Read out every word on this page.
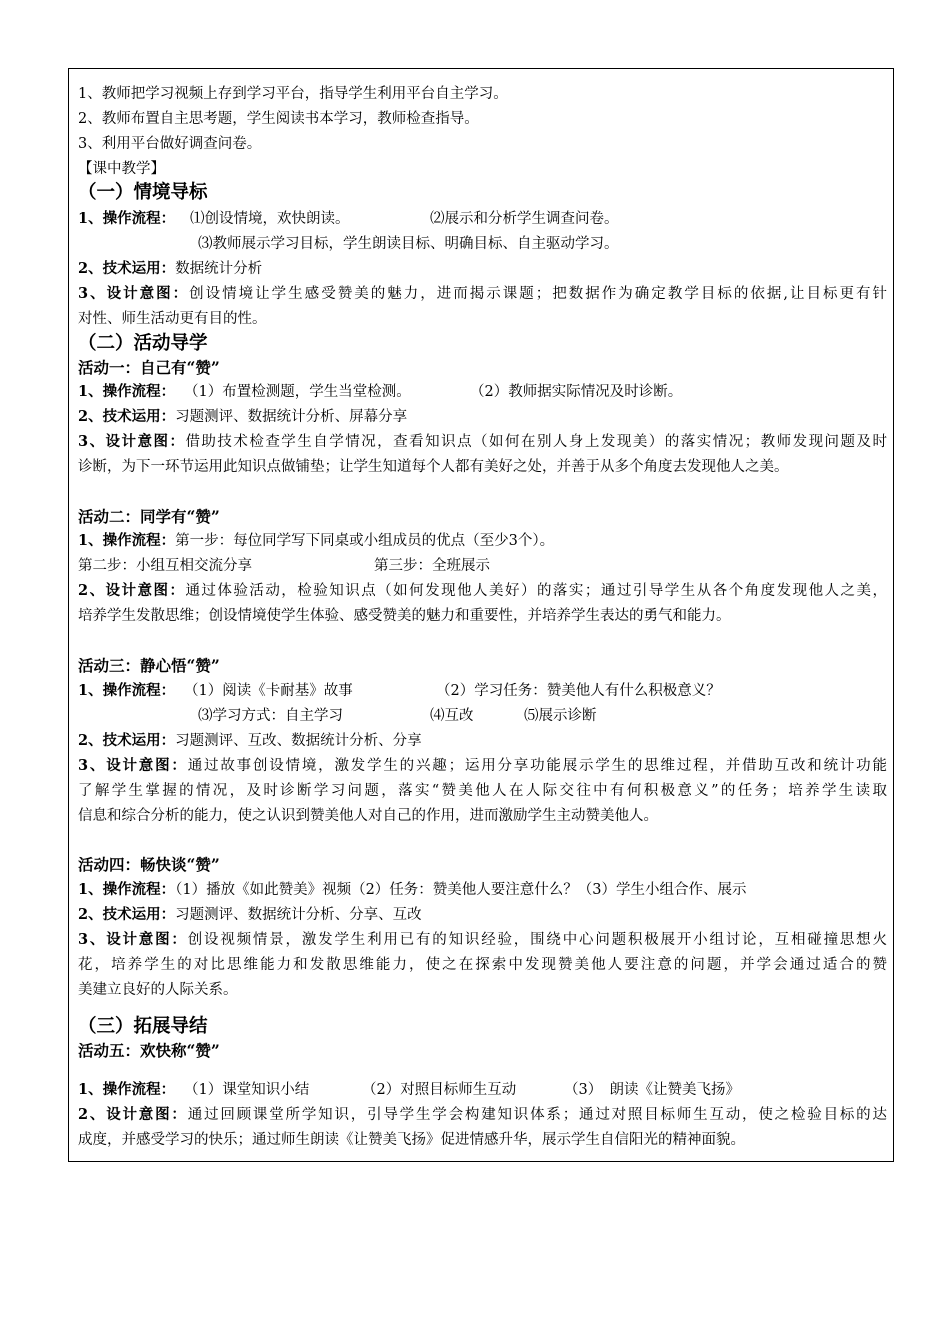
1、教师把学习视频上存到学习平台，指导学生利用平台自主学习。
2、教师布置自主思考题，学生阅读书本学习，教师检查指导。
3、利用平台做好调查问卷。
【课中教学】
（一）情境导标
1、操作流程： ⑴创设情境，欢快朗读。	⑵展示和分析学生调查问卷。
⑶教师展示学习目标，学生朗读目标、明确目标、自主驱动学习。
2、技术运用：数据统计分析
3、设计意图：创设情境让学生感受赞美的魅力，进而揭示课题；把数据作为确定教学目标的依据,让目标更有针
对性、师生活动更有目的性。
（二）活动导学
活动一：自己有“赞”
1、操作流程： （1）布置检测题，学生当堂检测。	（2）教师据实际情况及时诊断。
2、技术运用：习题测评、数据统计分析、屏幕分享
3、设计意图：借助技术检查学生自学情况，查看知识点（如何在别人身上发现美）的落实情况；教师发现问题及时
诊断，为下一环节运用此知识点做铺垫；让学生知道每个人都有美好之处，并善于从多个角度去发现他人之美。
活动二：同学有“赞”
1、操作流程：第一步：每位同学写下同桌或小组成员的优点（至少3个）。
第二步：小组互相交流分享	第三步：全班展示
2、设计意图：通过体验活动，检验知识点（如何发现他人美好）的落实；通过引导学生从各个角度发现他人之美，
培养学生发散思维；创设情境使学生体验、感受赞美的魅力和重要性，并培养学生表达的勇气和能力。
活动三：静心悟“赞”
1、操作流程： （1）阅读《卡耐基》故事	（2）学习任务：赞美他人有什么积极意义？
⑶学习方式：自主学习	⑷互改	⑸展示诊断
2、技术运用：习题测评、互改、数据统计分析、分享
3、设计意图：通过故事创设情境，激发学生的兴趣；运用分享功能展示学生的思维过程，并借助互改和统计功能
了解学生掌握的情况，及时诊断学习问题，落实“赞美他人在人际交往中有何积极意义”的任务；培养学生读取
信息和综合分析的能力，使之认识到赞美他人对自己的作用，进而激励学生主动赞美他人。
活动四：畅快谈“赞”
1、操作流程：（1）播放《如此赞美》视频（2）任务：赞美他人要注意什么？（3）学生小组合作、展示
2、技术运用：习题测评、数据统计分析、分享、互改
3、设计意图：创设视频情景，激发学生利用已有的知识经验，围绕中心问题积极展开小组讨论，互相碰撞思想火
花，培养学生的对比思维能力和发散思维能力，使之在探索中发现赞美他人要注意的问题，并学会通过适合的赞
美建立良好的人际关系。
（三）拓展导结
活动五：欢快称“赞”
1、操作流程： （1）课堂知识小结	（2）对照目标师生互动	（3）　朗读《让赞美飞扬》
2、设计意图：通过回顾课堂所学知识，引导学生学会构建知识体系；通过对照目标师生互动，使之检验目标的达
成度，并感受学习的快乐；通过师生朗读《让赞美飞扬》促进情感升华，展示学生自信阳光的精神面貌。
